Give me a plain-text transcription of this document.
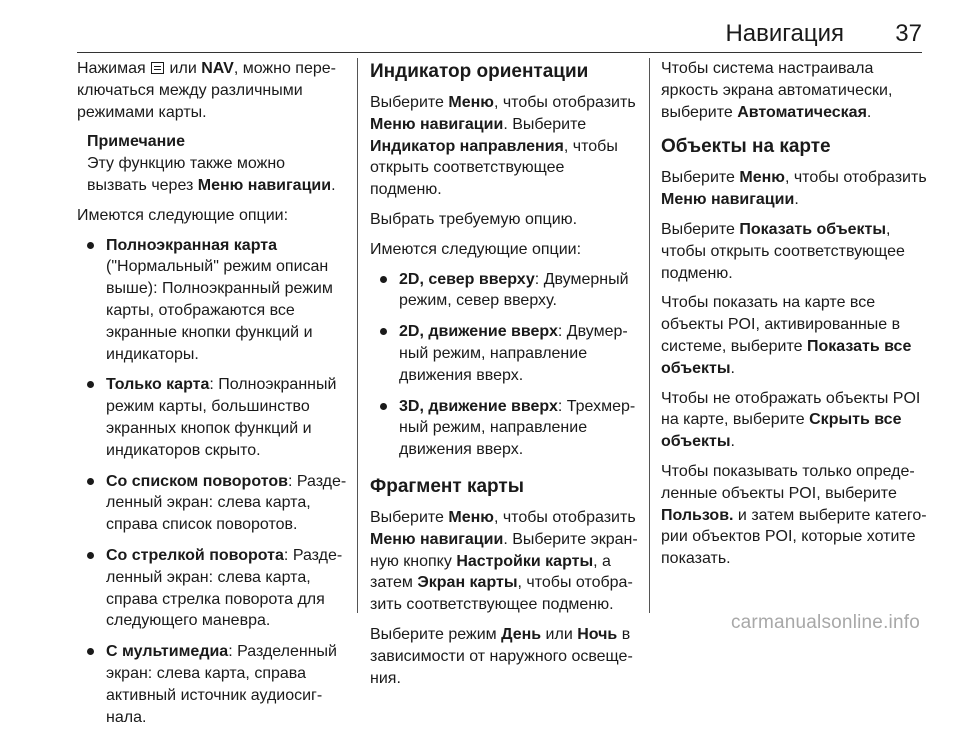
Навигация 37

Нажимая  или NAV, можно пере-ключаться между различными режимами карты.

Примечание
Эту функцию также можно вызвать через Меню навигации.

Имеются следующие опции:

Полноэкранная карта
("Нормальный" режим описан выше): Полноэкранный режим карты, отображаются все экранные кнопки функций и индикаторы.
Только карта: Полноэкранный режим карты, большинство экранных кнопок функций и индикаторов скрыто.
Со списком поворотов: Разде-ленный экран: слева карта, справа список поворотов.
Со стрелкой поворота: Разде-ленный экран: слева карта, справа стрелка поворота для следующего маневра.
С мультимедиа: Разделенный экран: слева карта, справа активный источник аудиосиг-нала.
Индикатор ориентации

Выберите Меню, чтобы отобразить Меню навигации. Выберите Индикатор направления, чтобы открыть соответствующее подменю.

Выбрать требуемую опцию.

Имеются следующие опции:

2D, север вверху: Двумерный режим, север вверху.
2D, движение вверх: Двумер-ный режим, направление движения вверх.
3D, движение вверх: Трехмер-ный режим, направление движения вверх.
Фрагмент карты

Выберите Меню, чтобы отобразить Меню навигации. Выберите экран-ную кнопку Настройки карты, а затем Экран карты, чтобы отобра-зить соответствующее подменю.

Выберите режим День или Ночь в зависимости от наружного освеще-ния.

Чтобы система настраивала яркость экрана автоматически, выберите Автоматическая.

Объекты на карте

Выберите Меню, чтобы отобразить Меню навигации.

Выберите Показать объекты, чтобы открыть соответствующее подменю.

Чтобы показать на карте все объекты POI, активированные в системе, выберите Показать все объекты.

Чтобы не отображать объекты POI на карте, выберите Скрыть все объекты.

Чтобы показывать только опреде-ленные объекты POI, выберите Пользов. и затем выберите катего-рии объектов POI, которые хотите показать.

carmanualsonline.info
